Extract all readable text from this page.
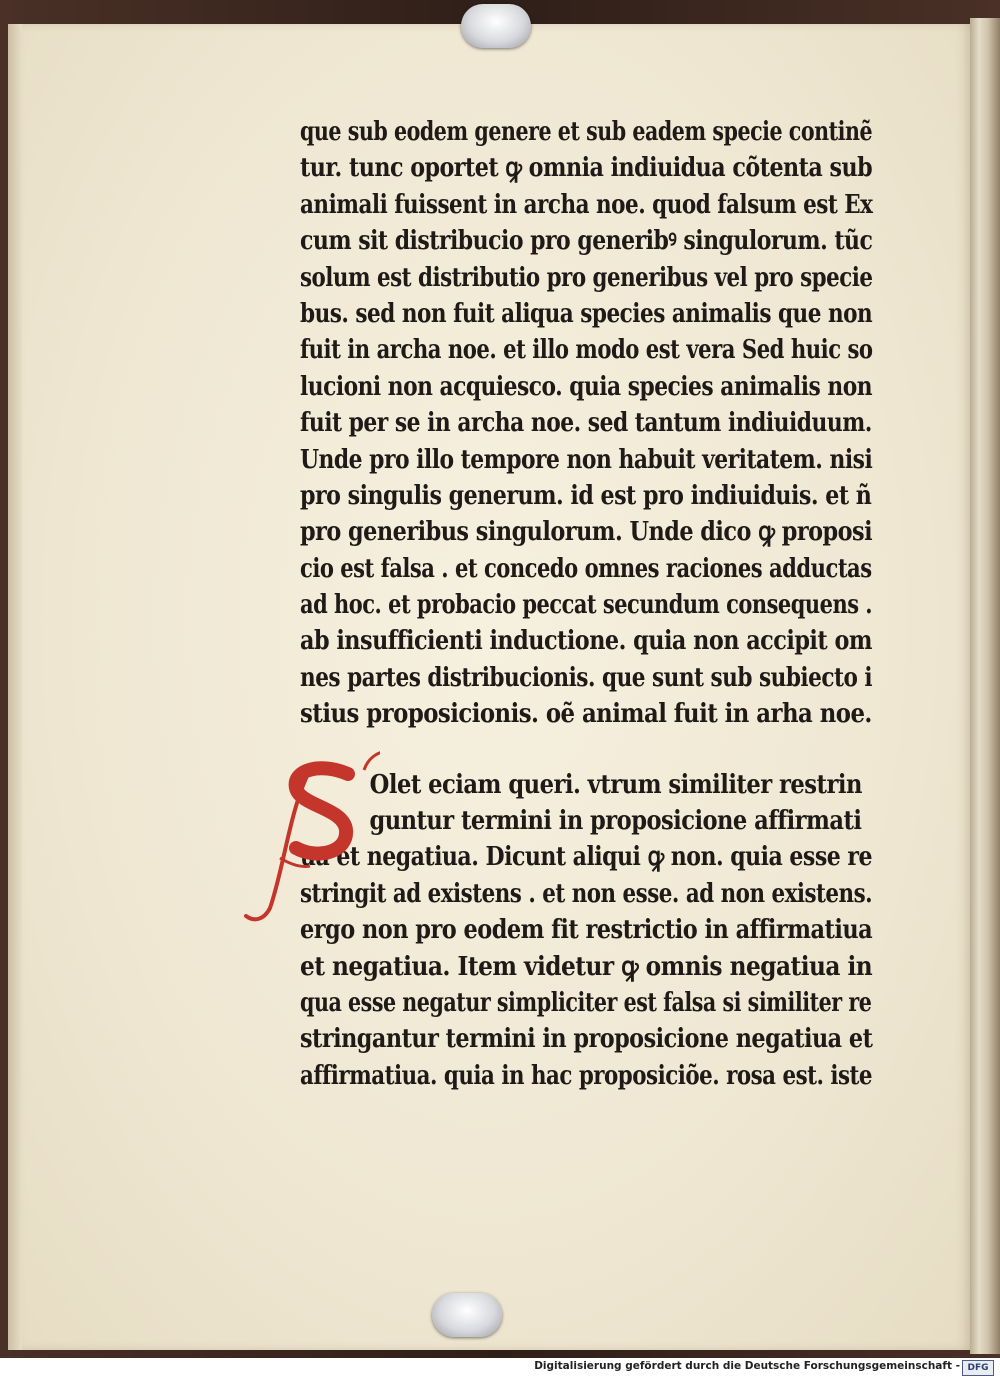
que sub eodem genere et sub eadem specie continẽ
tur. tunc oportet ꝙ omnia indiuidua cõtenta sub
animali fuissent in archa noe. quod falsum est Ex
cum sit distribucio pro generibꝰ singulorum. tũc
solum est distributio pro generibus vel pro specie
bus. sed non fuit aliqua species animalis que non
fuit in archa noe. et illo modo est vera Sed huic so
lucioni non acquiesco. quia species animalis non
fuit per se in archa noe. sed tantum indiuiduum.
Unde pro illo tempore non habuit veritatem. nisi
pro singulis generum. id est pro indiuiduis. et ñ
pro generibus singulorum. Unde dico ꝙ proposi
cio est falsa . et concedo omnes raciones adductas
ad hoc. et probacio peccat secundum consequens .
ab insufficienti inductione. quia non accipit om
nes partes distribucionis. que sunt sub subiecto i
stius proposicionis. oẽ animal fuit in arha noe.
Olet eciam queri. vtrum similiter restrin
guntur termini in proposicione affirmati
ua et negatiua. Dicunt aliqui ꝙ non. quia esse re
stringit ad existens . et non esse. ad non existens.
ergo non pro eodem fit restrictio in affirmatiua
et negatiua. Item videtur ꝙ omnis negatiua in
qua esse negatur simpliciter est falsa si similiter re
stringantur termini in proposicione negatiua et
affirmatiua. quia in hac proposiciõe. rosa est. iste
Digitalisierung gefördert durch die Deutsche Forschungsgemeinschaft - DFG
